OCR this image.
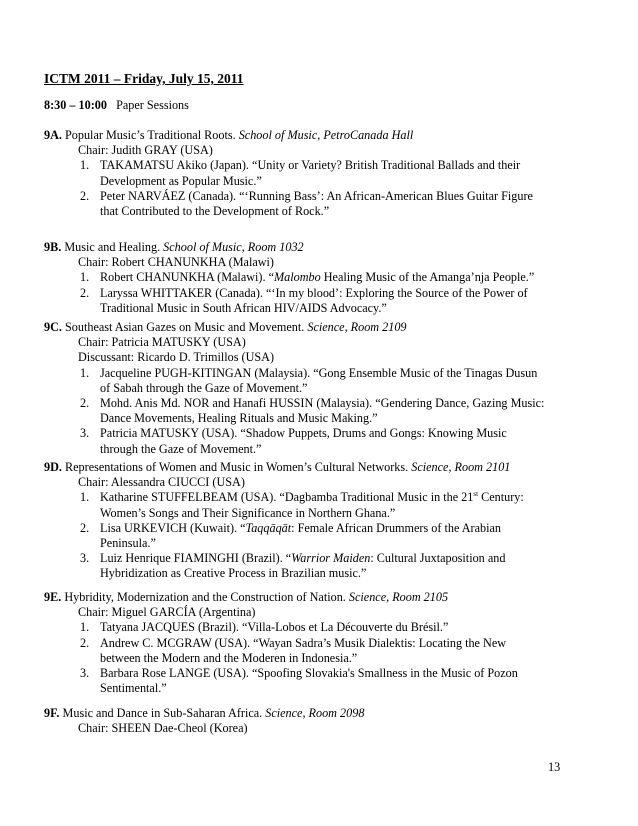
ICTM 2011 – Friday, July 15, 2011
8:30 – 10:00 Paper Sessions
9A. Popular Music’s Traditional Roots. School of Music, PetroCanada Hall
Chair: Judith GRAY (USA)
1. TAKAMATSU Akiko (Japan). “Unity or Variety? British Traditional Ballads and their
Development as Popular Music.”
2. Peter NARVÁEZ (Canada). “‘Running Bass’: An African-American Blues Guitar Figure
that Contributed to the Development of Rock.”
9B. Music and Healing. School of Music, Room 1032
Chair: Robert CHANUNKHA (Malawi)
1. Robert CHANUNKHA (Malawi). “Malombo Healing Music of the Amanga’nja People.”
2. Laryssa WHITTAKER (Canada). “‘In my blood’: Exploring the Source of the Power of
Traditional Music in South African HIV/AIDS Advocacy.”
9C. Southeast Asian Gazes on Music and Movement. Science, Room 2109
Chair: Patricia MATUSKY (USA)
Discussant: Ricardo D. Trimillos (USA)
1. Jacqueline PUGH-KITINGAN (Malaysia). “Gong Ensemble Music of the Tinagas Dusun
of Sabah through the Gaze of Movement.”
2. Mohd. Anis Md. NOR and Hanafi HUSSIN (Malaysia). “Gendering Dance, Gazing Music:
Dance Movements, Healing Rituals and Music Making.”
3. Patricia MATUSKY (USA). “Shadow Puppets, Drums and Gongs: Knowing Music
through the Gaze of Movement.”
9D. Representations of Women and Music in Women’s Cultural Networks. Science, Room 2101
Chair: Alessandra CIUCCI (USA)
1. Katharine STUFFELBEAM (USA). “Dagbamba Traditional Music in the 21st Century:
Women’s Songs and Their Significance in Northern Ghana.”
2. Lisa URKEVICH (Kuwait). “Taqqāqāt: Female African Drummers of the Arabian
Peninsula.”
3. Luiz Henrique FIAMINGHI (Brazil). “Warrior Maiden: Cultural Juxtaposition and
Hybridization as Creative Process in Brazilian music.”
9E. Hybridity, Modernization and the Construction of Nation. Science, Room 2105
Chair: Miguel GARCÍA (Argentina)
1. Tatyana JACQUES (Brazil). “Villa-Lobos et La Découverte du Brésil.”
2. Andrew C. MCGRAW (USA). “Wayan Sadra’s Musik Dialektis: Locating the New
between the Modern and the Moderen in Indonesia.”
3. Barbara Rose LANGE (USA). “Spoofing Slovakia's Smallness in the Music of Pozon
Sentimental.”
9F. Music and Dance in Sub-Saharan Africa. Science, Room 2098
Chair: SHEEN Dae-Cheol (Korea)
13
